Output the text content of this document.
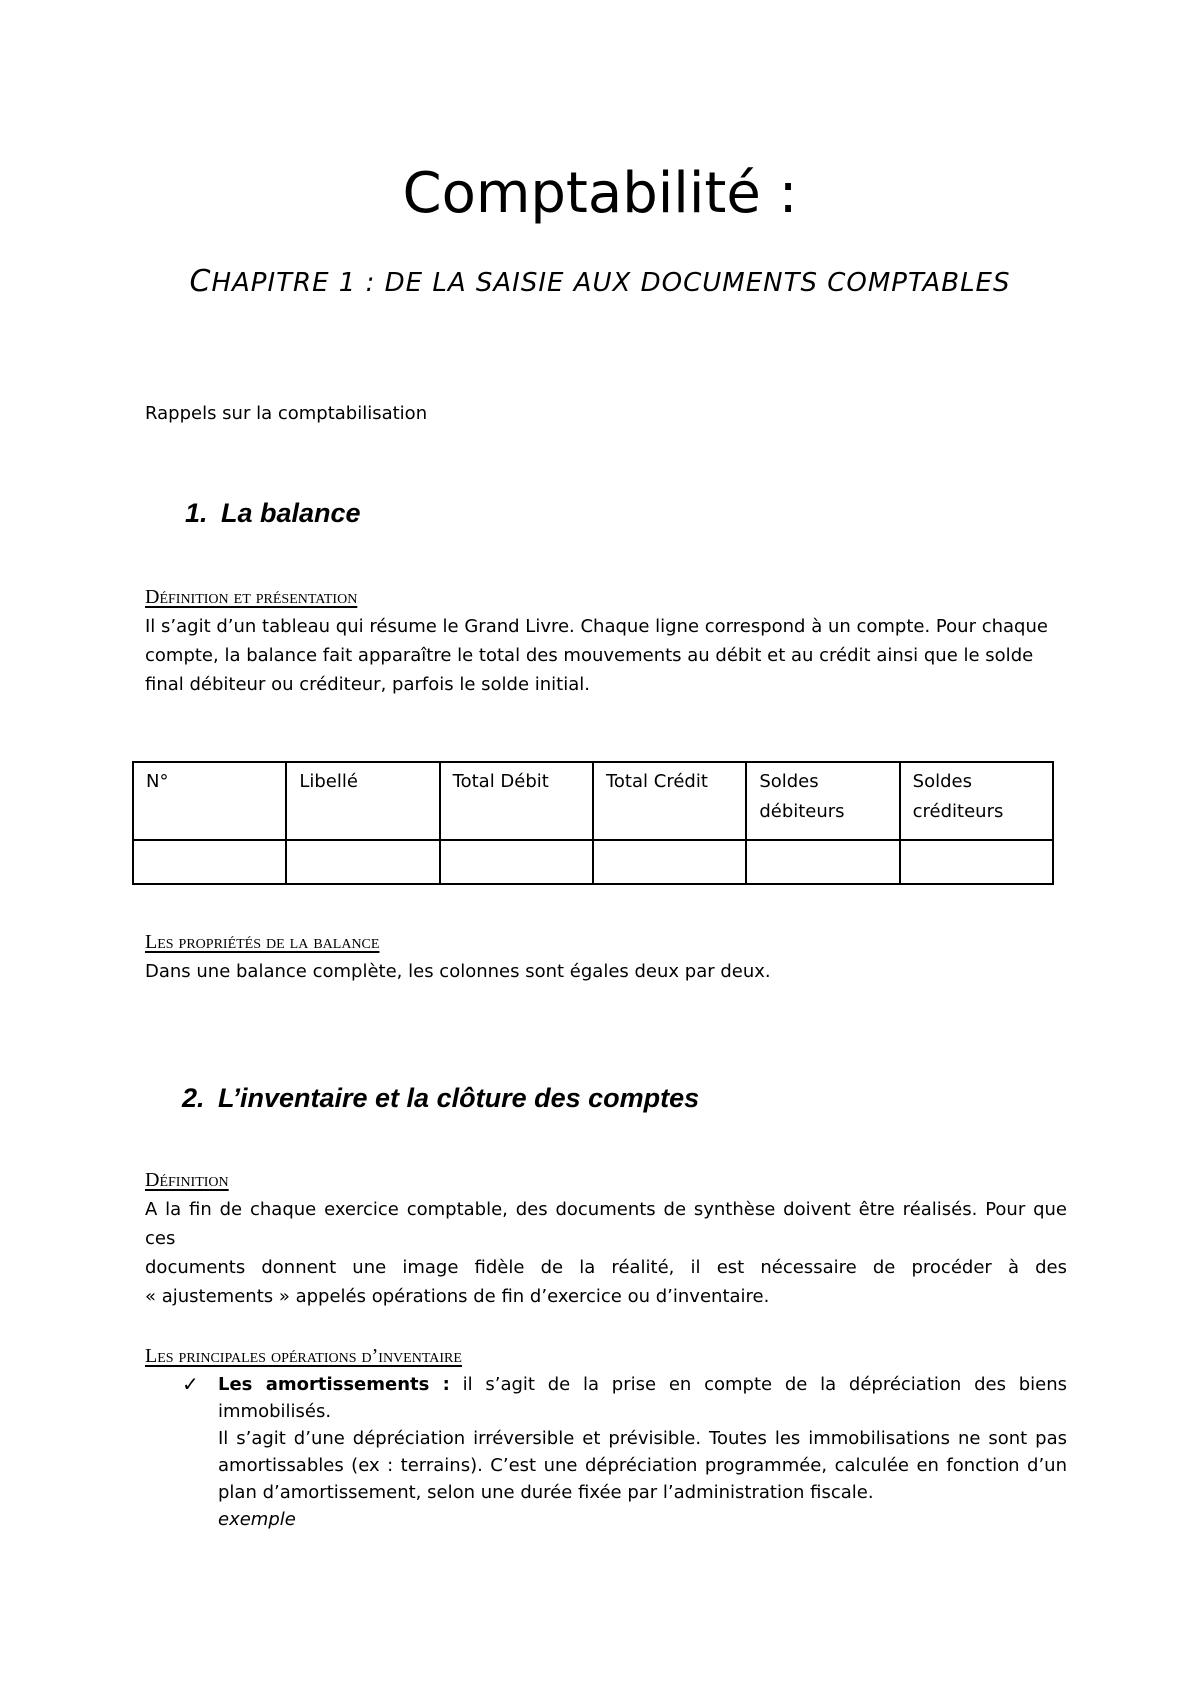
Comptabilité :
CHAPITRE 1 : DE LA SAISIE AUX DOCUMENTS COMPTABLES
Rappels sur la comptabilisation
1. La balance
Définition et présentation
Il s’agit d’un tableau qui résume le Grand Livre. Chaque ligne correspond à un compte. Pour chaque compte, la balance fait apparaître le total des mouvements au débit et au crédit ainsi que le solde final débiteur ou créditeur, parfois le solde initial.
N°	Libellé	Total Débit	Total Crédit	Soldes débiteurs	Soldes créditeurs

Les propriétés de la balance
Dans une balance complète, les colonnes sont égales deux par deux.
2. L’inventaire et la clôture des comptes
Définition
A la fin de chaque exercice comptable, des documents de synthèse doivent être réalisés. Pour que ces
documents donnent une image fidèle de la réalité, il est nécessaire de procéder à des
« ajustements » appelés opérations de fin d’exercice ou d’inventaire.
Les principales opérations d’inventaire
✓ Les amortissements : il s’agit de la prise en compte de la dépréciation des biens immobilisés.
Il s’agit d’une dépréciation irréversible et prévisible. Toutes les immobilisations ne sont pas
amortissables (ex : terrains). C’est une dépréciation programmée, calculée en fonction d’un
plan d’amortissement, selon une durée fixée par l’administration fiscale.
exemple
